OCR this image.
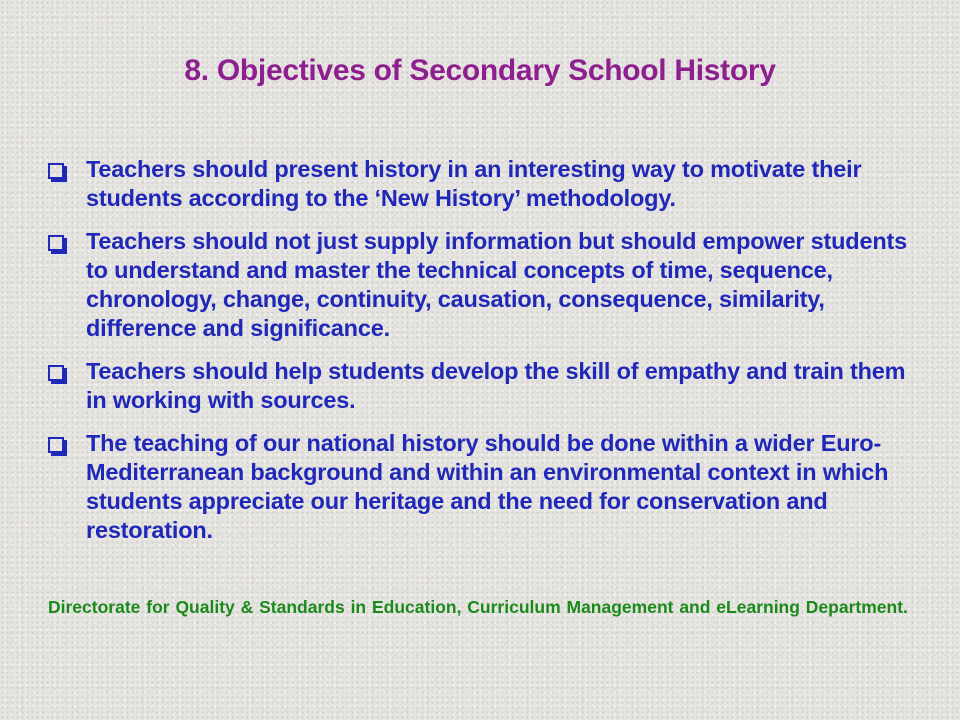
8. Objectives of Secondary School History
Teachers should present history in an interesting way to motivate their students according to the ‘New History’ methodology.
Teachers should not just supply information but should empower students to understand and master the technical concepts of time, sequence, chronology, change, continuity, causation, consequence, similarity, difference and significance.
Teachers should help students develop the skill of empathy and train them in working with sources.
The teaching of our national history should be done within a wider Euro-Mediterranean background and within an environmental context in which students appreciate our heritage and the need for conservation and restoration.
Directorate for Quality & Standards in Education, Curriculum Management and eLearning Department.
